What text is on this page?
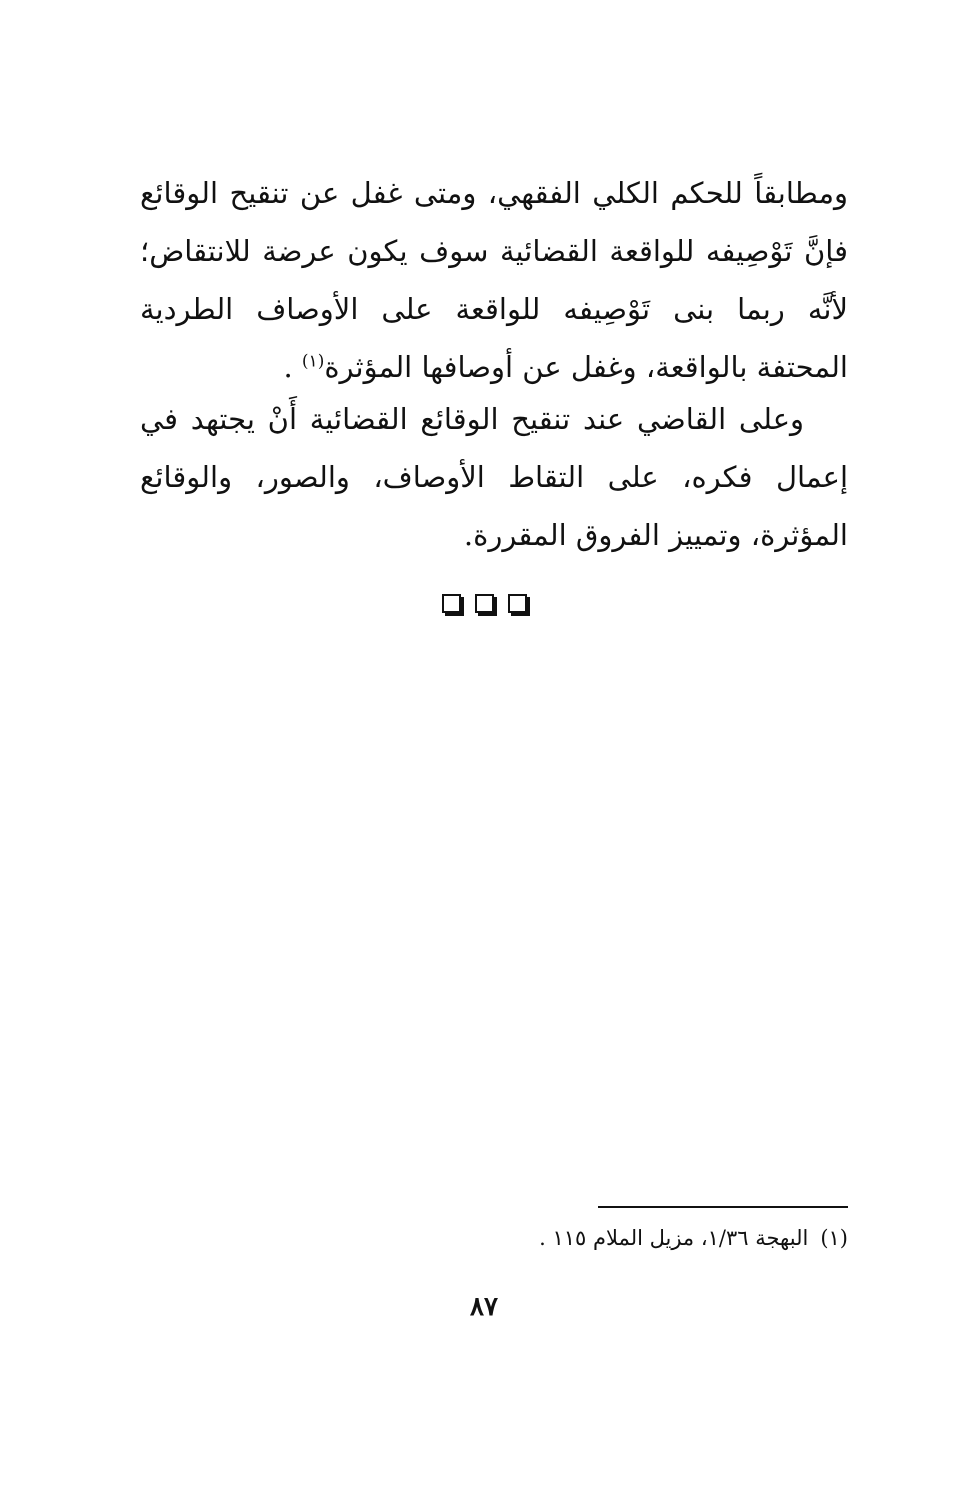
ومطابقاً للحكم الكلي الفقهي، ومتى غفل عن تنقيح الوقائع فإنَّ تَوْصِيفه للواقعة القضائية سوف يكون عرضة للانتقاض؛ لأنَّه ربما بنى تَوْصِيفه للواقعة على الأوصاف الطردية المحتفة بالواقعة، وغفل عن أوصافها المؤثرة$^{(١)}$ .

وعلى القاضي عند تنقيح الوقائع القضائية أَنْ يجتهد في إعمال فكره، على التقاط الأوصاف، والصور، والوقائع المؤثرة، وتمييز الفروق المقررة.

(١)البهجة ١/٣٦، مزيل الملام ١١٥ .
٨٧
